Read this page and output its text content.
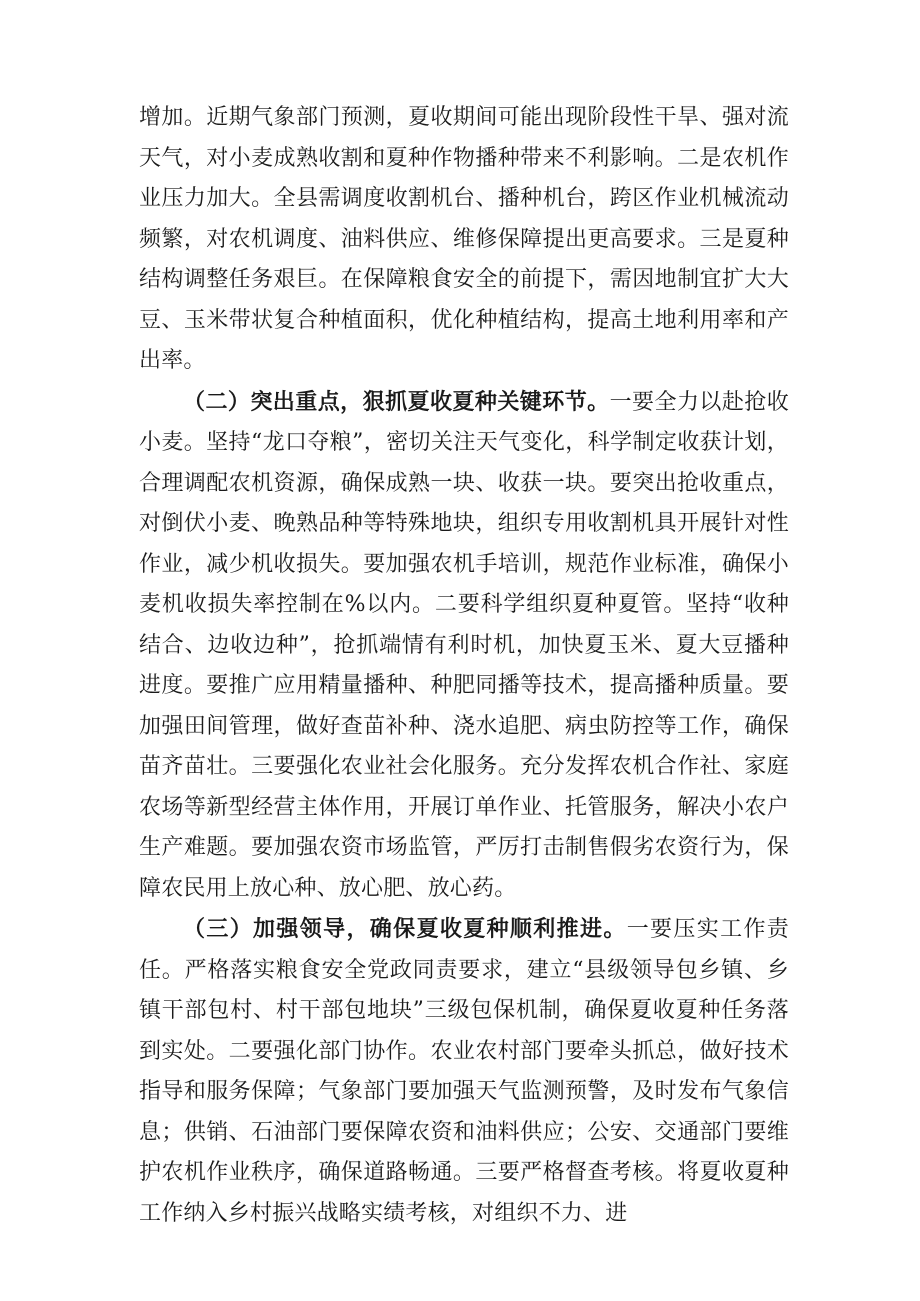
增加。近期气象部门预测，夏收期间可能出现阶段性干旱、强对流天气，对小麦成熟收割和夏种作物播种带来不利影响。二是农机作业压力加大。全县需调度收割机台、播种机台，跨区作业机械流动频繁，对农机调度、油料供应、维修保障提出更高要求。三是夏种结构调整任务艰巨。在保障粮食安全的前提下，需因地制宜扩大大豆、玉米带状复合种植面积，优化种植结构，提高土地利用率和产出率。

（二）突出重点，狠抓夏收夏种关键环节。一要全力以赴抢收小麦。坚持“龙口夺粮”，密切关注天气变化，科学制定收获计划，合理调配农机资源，确保成熟一块、收获一块。要突出抢收重点，对倒伏小麦、晚熟品种等特殊地块，组织专用收割机具开展针对性作业，减少机收损失。要加强农机手培训，规范作业标准，确保小麦机收损失率控制在%以内。二要科学组织夏种夏管。坚持“收种结合、边收边种”，抢抓端情有利时机，加快夏玉米、夏大豆播种进度。要推广应用精量播种、种肥同播等技术，提高播种质量。要加强田间管理，做好查苗补种、浇水追肥、病虫防控等工作，确保苗齐苗壮。三要强化农业社会化服务。充分发挥农机合作社、家庭农场等新型经营主体作用，开展订单作业、托管服务，解决小农户生产难题。要加强农资市场监管，严厉打击制售假劣农资行为，保障农民用上放心种、放心肥、放心药。

（三）加强领导，确保夏收夏种顺利推进。一要压实工作责任。严格落实粮食安全党政同责要求，建立“县级领导包乡镇、乡镇干部包村、村干部包地块”三级包保机制，确保夏收夏种任务落到实处。二要强化部门协作。农业农村部门要牵头抓总，做好技术指导和服务保障；气象部门要加强天气监测预警，及时发布气象信息；供销、石油部门要保障农资和油料供应；公安、交通部门要维护农机作业秩序，确保道路畅通。三要严格督查考核。将夏收夏种工作纳入乡村振兴战略实绩考核，对组织不力、进
